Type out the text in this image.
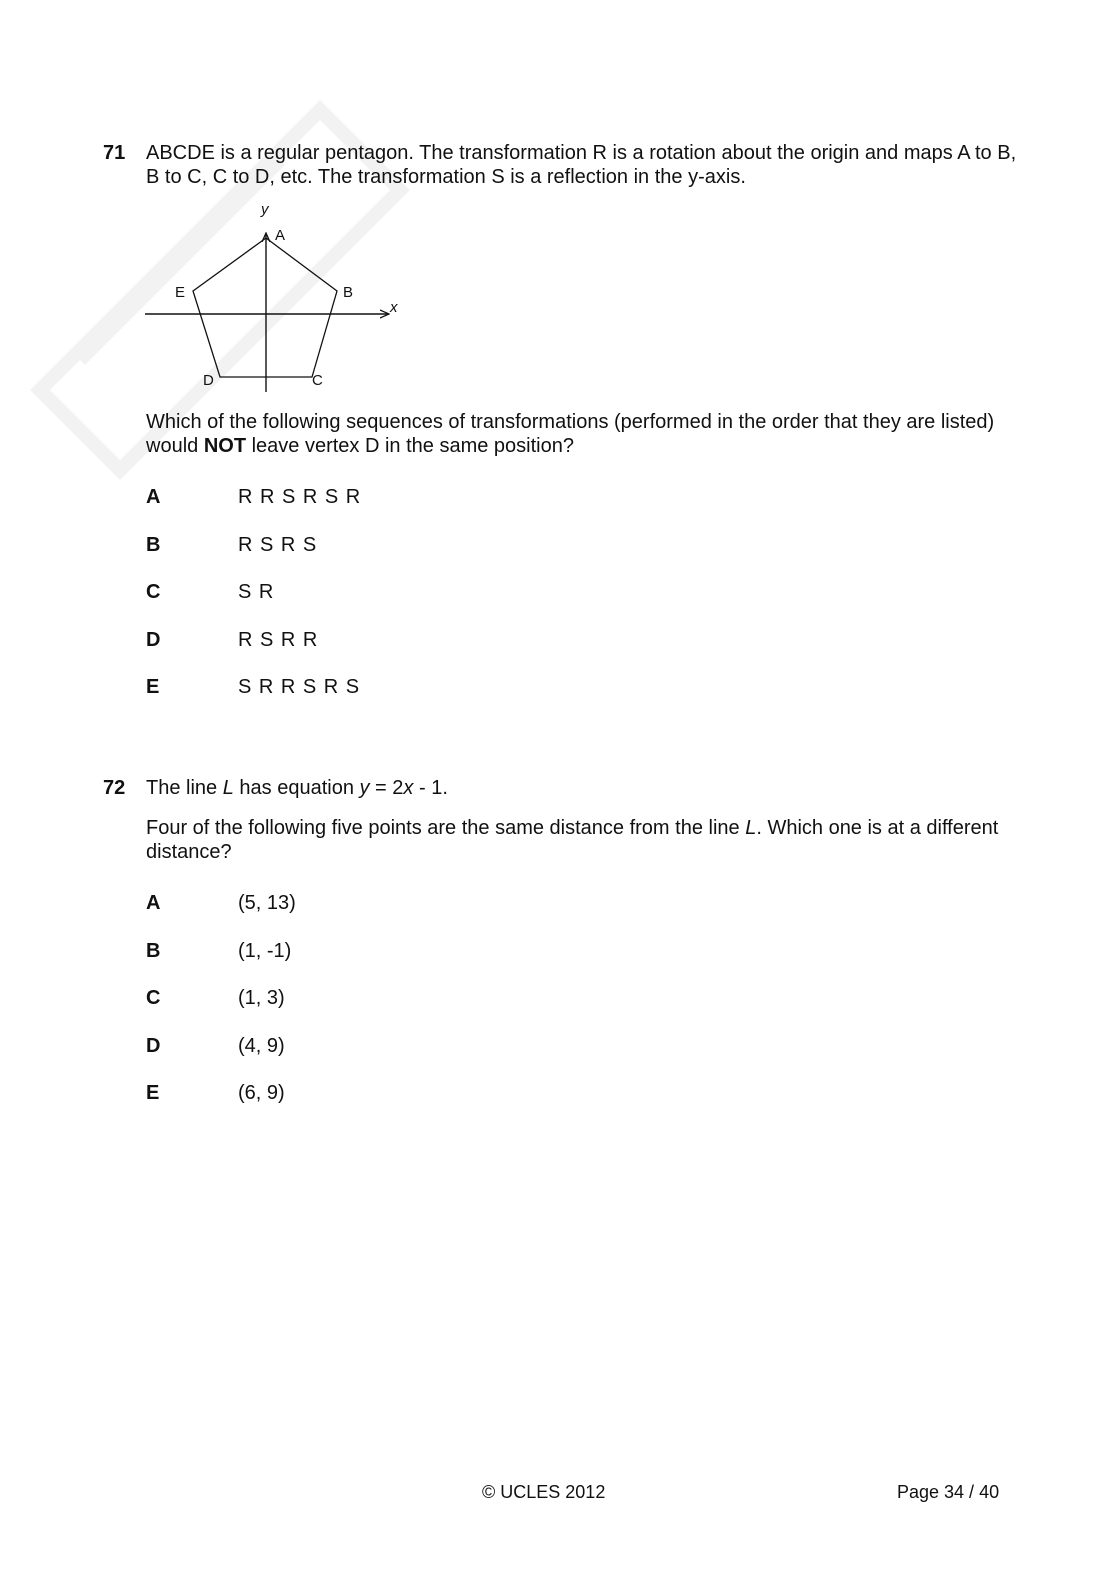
71 ABCDE is a regular pentagon. The transformation R is a rotation about the origin and maps A to B,
B to C, C to D, etc. The transformation S is a reflection in the y-axis.
y
x
A
B
C
D
E
Which of the following sequences of transformations (performed in the order that they are listed)
would NOT leave vertex D in the same position?
A	R R S R S R
B	R S R S
C	S R
D	R S R R
E	S R R S R S
72 The line L has equation y = 2x - 1.
Four of the following five points are the same distance from the line L. Which one is at a different
distance?
A	(5, 13)
B	(1, -1)
C	(1, 3)
D	(4, 9)
E	(6, 9)
© UCLES 2012	Page 34 / 40
